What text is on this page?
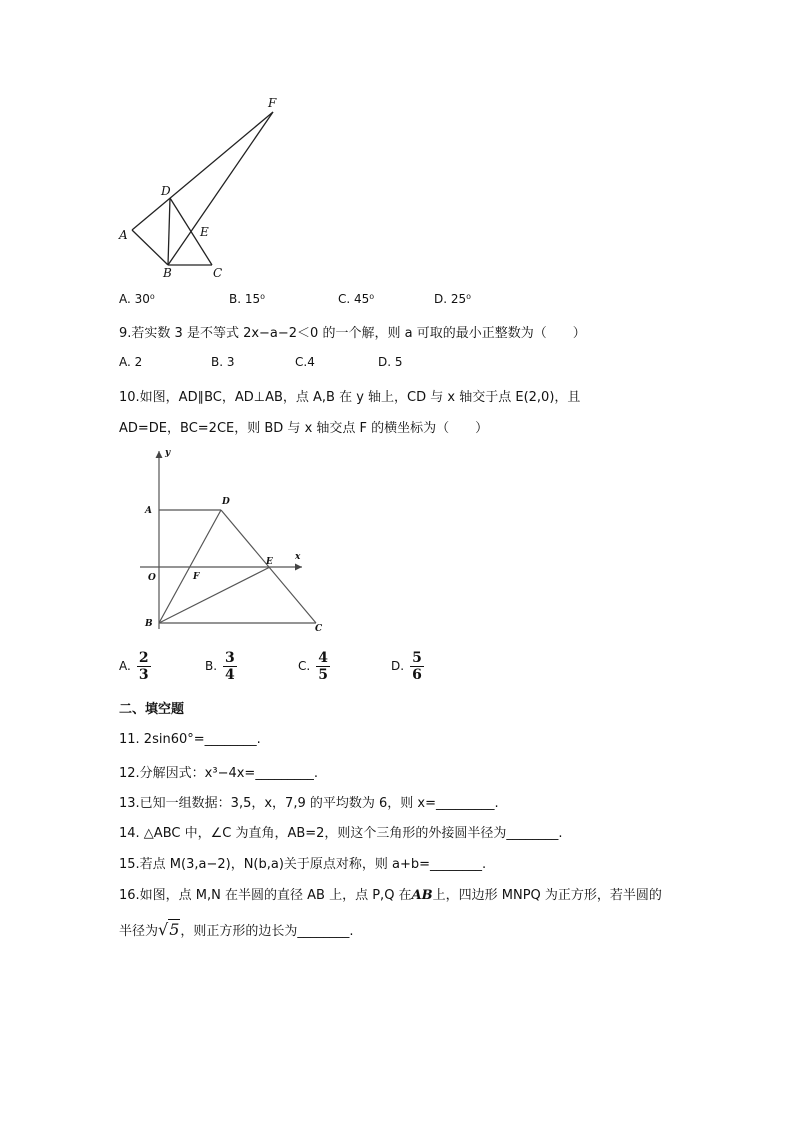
F
D
A	E
B	C
A. 30⁰	B. 15⁰	C. 45⁰	D. 25⁰
9.若实数 3 是不等式 2x−a−2＜0 的一个解，则 a 可取的最小正整数为（　　）
A. 2	B. 3	C.4	D. 5
10.如图，AD∥BC，AD⊥AB，点 A,B 在 y 轴上，CD 与 x 轴交于点 E(2,0)，且
AD=DE，BC=2CE，则 BD 与 x 轴交点 F 的横坐标为（　　）
y
x
A
D
O	F
E
B	C
A. $\frac{2}{3}$	B. $\frac{3}{4}$	C. $\frac{4}{5}$	D. $\frac{5}{6}$
二、填空题
11. 2sin60°=________.
12.分解因式：x³−4x=_________.
13.已知一组数据：3,5，x，7,9 的平均数为 6，则 x=_________.
14. △ABC 中，∠C 为直角，AB=2，则这个三角形的外接圆半径为________.
15.若点 M(3,a−2)，N(b,a)关于原点对称，则 a+b=________.
16.如图，点 M,N 在半圆的直径 AB 上，点 P,Q 在AB上，四边形 MNPQ 为正方形，若半圆的
半径为√5，则正方形的边长为________.
